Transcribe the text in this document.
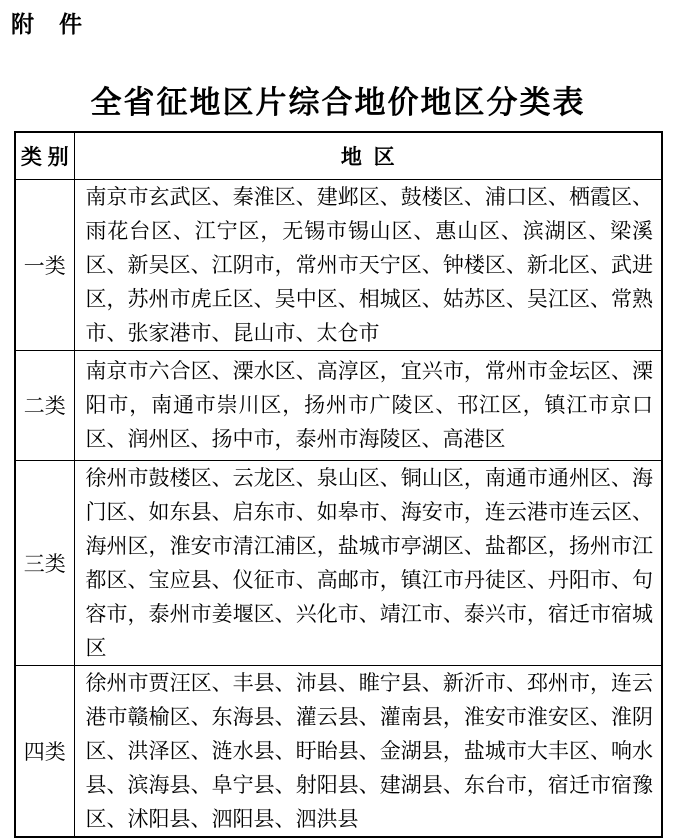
附　件
全省征地区片综合地价地区分类表
类 别	地  区
一类	南京市玄武区、秦淮区、建邺区、鼓楼区、浦口区、栖霞区、雨花台区、江宁区，无锡市锡山区、惠山区、滨湖区、梁溪区、新吴区、江阴市，常州市天宁区、钟楼区、新北区、武进区，苏州市虎丘区、吴中区、相城区、姑苏区、吴江区、常熟市、张家港市、昆山市、太仓市
二类	南京市六合区、溧水区、高淳区，宜兴市，常州市金坛区、溧阳市，南通市崇川区，扬州市广陵区、邗江区，镇江市京口区、润州区、扬中市，泰州市海陵区、高港区
三类	徐州市鼓楼区、云龙区、泉山区、铜山区，南通市通州区、海门区、如东县、启东市、如皋市、海安市，连云港市连云区、海州区，淮安市清江浦区，盐城市亭湖区、盐都区，扬州市江都区、宝应县、仪征市、高邮市，镇江市丹徒区、丹阳市、句容市，泰州市姜堰区、兴化市、靖江市、泰兴市，宿迁市宿城区
四类	徐州市贾汪区、丰县、沛县、睢宁县、新沂市、邳州市，连云港市赣榆区、东海县、灌云县、灌南县，淮安市淮安区、淮阴区、洪泽区、涟水县、盱眙县、金湖县，盐城市大丰区、响水县、滨海县、阜宁县、射阳县、建湖县、东台市，宿迁市宿豫区、沭阳县、泗阳县、泗洪县
